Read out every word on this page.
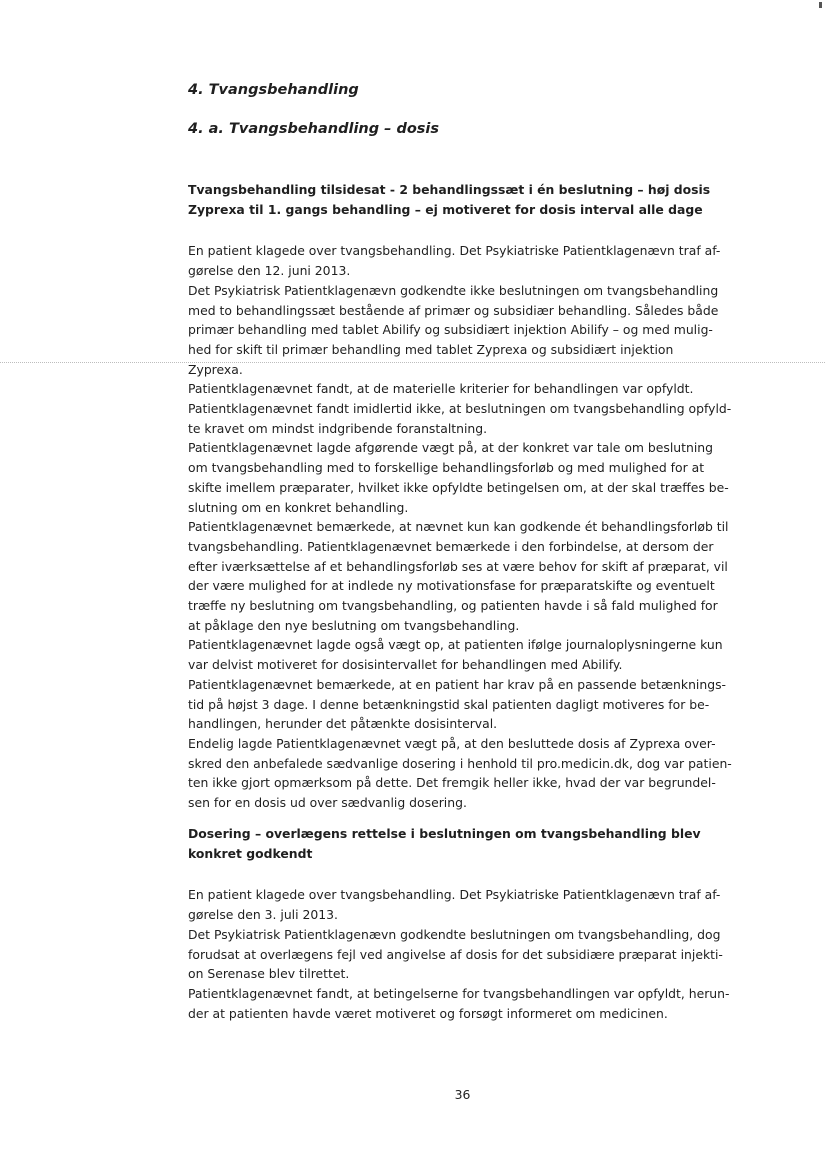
4. Tvangsbehandling
4. a. Tvangsbehandling – dosis
Tvangsbehandling tilsidesat - 2 behandlingssæt i én beslutning – høj dosis
Zyprexa til 1. gangs behandling – ej motiveret for dosis interval alle dage
En patient klagede over tvangsbehandling. Det Psykiatriske Patientklagenævn traf af-
gørelse den 12. juni 2013.
Det Psykiatrisk Patientklagenævn godkendte ikke beslutningen om tvangsbehandling
med to behandlingssæt bestående af primær og subsidiær behandling. Således både
primær behandling med tablet Abilify og subsidiært injektion Abilify – og med mulig-
hed for skift til primær behandling med tablet Zyprexa og subsidiært injektion
Zyprexa.
Patientklagenævnet fandt, at de materielle kriterier for behandlingen var opfyldt.
Patientklagenævnet fandt imidlertid ikke, at beslutningen om tvangsbehandling opfyld-
te kravet om mindst indgribende foranstaltning.
Patientklagenævnet lagde afgørende vægt på, at der konkret var tale om beslutning
om tvangsbehandling med to forskellige behandlingsforløb og med mulighed for at
skifte imellem præparater, hvilket ikke opfyldte betingelsen om, at der skal træffes be-
slutning om en konkret behandling.
Patientklagenævnet bemærkede, at nævnet kun kan godkende ét behandlingsforløb til
tvangsbehandling. Patientklagenævnet bemærkede i den forbindelse, at dersom der
efter iværksættelse af et behandlingsforløb ses at være behov for skift af præparat, vil
der være mulighed for at indlede ny motivationsfase for præparatskifte og eventuelt
træffe ny beslutning om tvangsbehandling, og patienten havde i så fald mulighed for
at påklage den nye beslutning om tvangsbehandling.
Patientklagenævnet lagde også vægt op, at patienten ifølge journaloplysningerne kun
var delvist motiveret for dosisintervallet for behandlingen med Abilify.
Patientklagenævnet bemærkede, at en patient har krav på en passende betænknings-
tid på højst 3 dage. I denne betænkningstid skal patienten dagligt motiveres for be-
handlingen, herunder det påtænkte dosisinterval.
Endelig lagde Patientklagenævnet vægt på, at den besluttede dosis af Zyprexa over-
skred den anbefalede sædvanlige dosering i henhold til pro.medicin.dk, dog var patien-
ten ikke gjort opmærksom på dette. Det fremgik heller ikke, hvad der var begrundel-
sen for en dosis ud over sædvanlig dosering.
Dosering – overlægens rettelse i beslutningen om tvangsbehandling blev
konkret godkendt
En patient klagede over tvangsbehandling. Det Psykiatriske Patientklagenævn traf af-
gørelse den 3. juli 2013.
Det Psykiatrisk Patientklagenævn godkendte beslutningen om tvangsbehandling, dog
forudsat at overlægens fejl ved angivelse af dosis for det subsidiære præparat injekti-
on Serenase blev tilrettet.
Patientklagenævnet fandt, at betingelserne for tvangsbehandlingen var opfyldt, herun-
der at patienten havde været motiveret og forsøgt informeret om medicinen.
36
